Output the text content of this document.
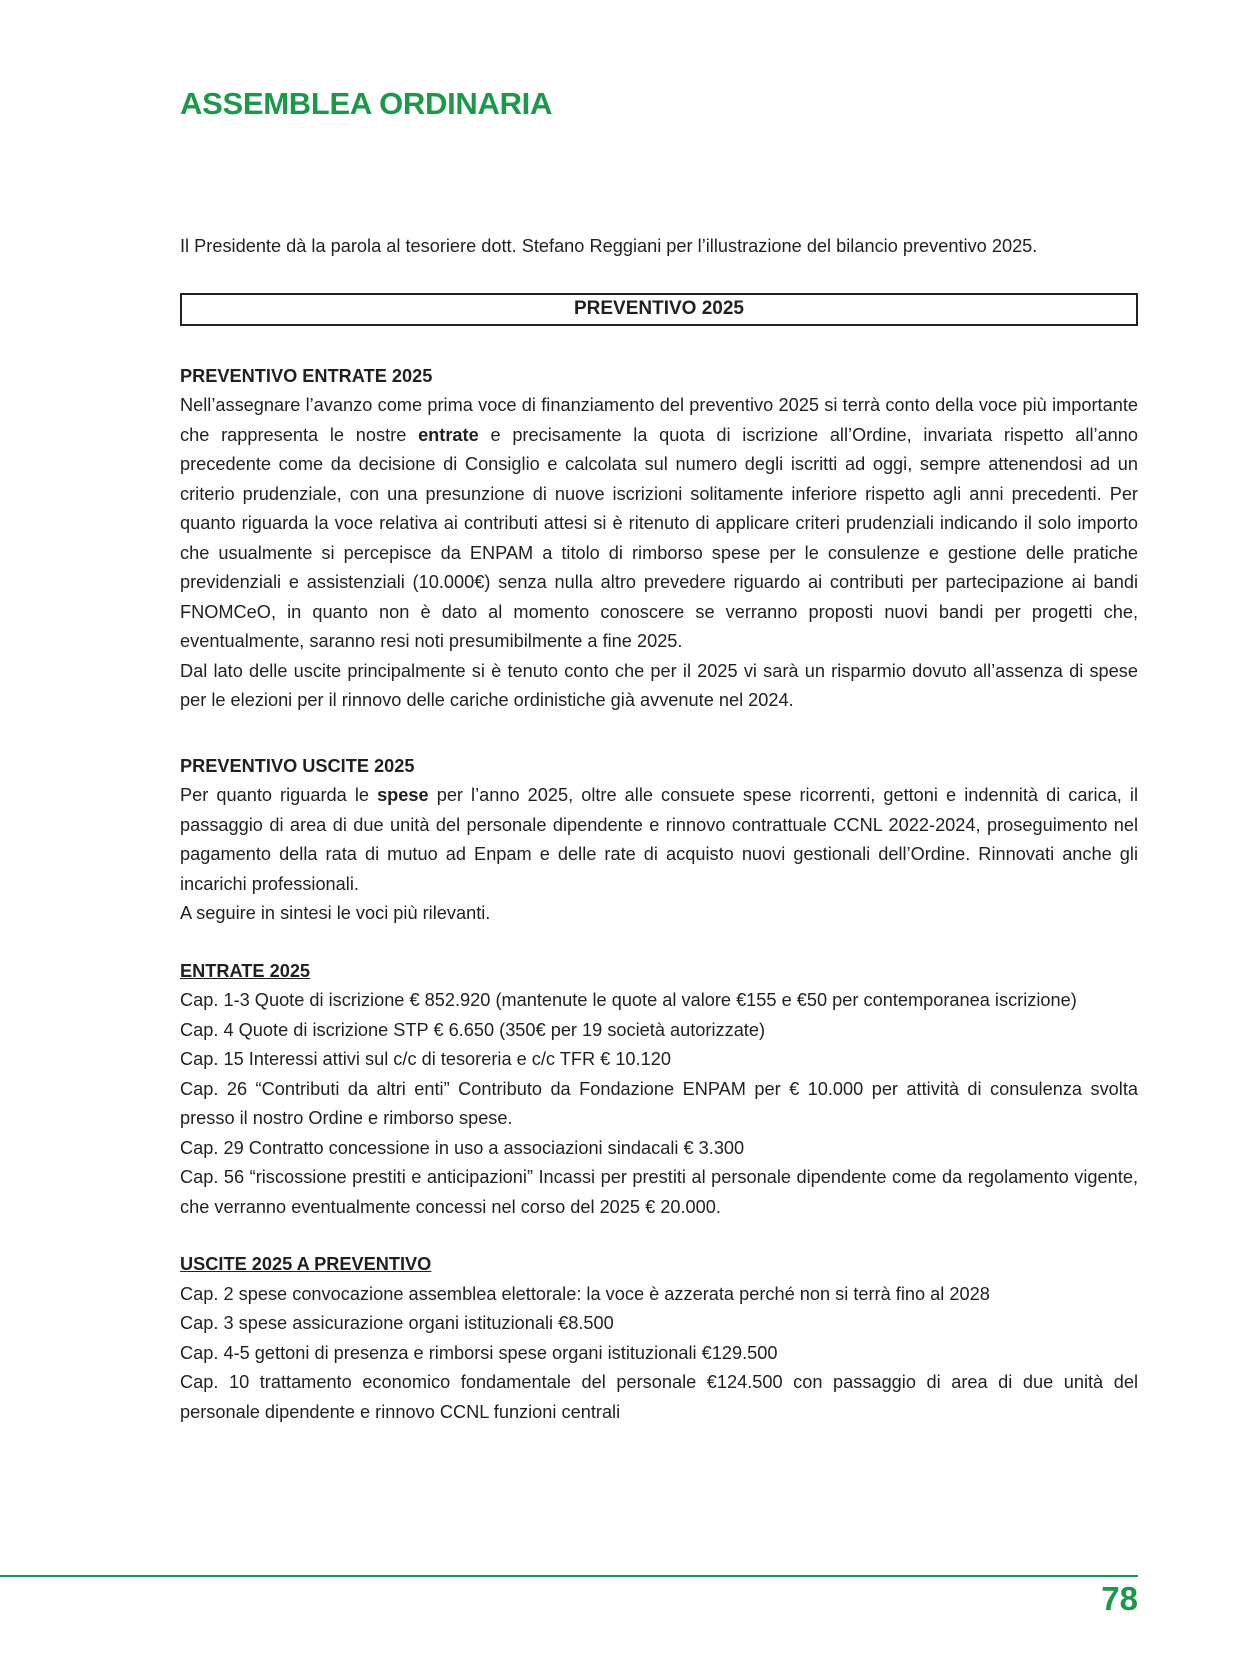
ASSEMBLEA ORDINARIA

Il Presidente dà la parola al tesoriere dott. Stefano Reggiani per l’illustrazione del bilancio preventivo 2025.

PREVENTIVO 2025
PREVENTIVO ENTRATE 2025

Nell’assegnare l’avanzo come prima voce di finanziamento del preventivo 2025 si terrà conto della voce più importante che rappresenta le nostre entrate e precisamente la quota di iscrizione all’Ordine, invariata rispetto all’anno precedente come da decisione di Consiglio e calcolata sul numero degli iscritti ad oggi, sempre attenendosi ad un criterio prudenziale, con una presunzione di nuove iscrizioni solitamente inferiore rispetto agli anni precedenti. Per quanto riguarda la voce relativa ai contributi attesi si è ritenuto di applicare criteri prudenziali indicando il solo importo che usualmente si percepisce da ENPAM a titolo di rimborso spese per le consulenze e gestione delle pratiche previdenziali e assistenziali (10.000€) senza nulla altro prevedere riguardo ai contributi per partecipazione ai bandi FNOMCeO, in quanto non è dato al momento conoscere se verranno proposti nuovi bandi per progetti che, eventualmente, saranno resi noti presumibilmente a fine 2025.

Dal lato delle uscite principalmente si è tenuto conto che per il 2025 vi sarà un risparmio dovuto all’assenza di spese per le elezioni per il rinnovo delle cariche ordinistiche già avvenute nel 2024.

PREVENTIVO USCITE 2025

Per quanto riguarda le spese per l’anno 2025, oltre alle consuete spese ricorrenti, gettoni e indennità di carica, il passaggio di area di due unità del personale dipendente e rinnovo contrattuale CCNL 2022-2024, proseguimento nel pagamento della rata di mutuo ad Enpam e delle rate di acquisto nuovi gestionali dell’Ordine. Rinnovati anche gli incarichi professionali.

A seguire in sintesi le voci più rilevanti.

ENTRATE 2025

Cap. 1-3 Quote di iscrizione € 852.920 (mantenute le quote al valore €155 e €50 per contemporanea iscrizione)

Cap. 4 Quote di iscrizione STP € 6.650 (350€ per 19 società autorizzate)

Cap. 15 Interessi attivi sul c/c di tesoreria e c/c TFR € 10.120

Cap. 26 “Contributi da altri enti” Contributo da Fondazione ENPAM per € 10.000 per attività di consulenza svolta presso il nostro Ordine e rimborso spese.

Cap. 29 Contratto concessione in uso a associazioni sindacali € 3.300

Cap. 56 “riscossione prestiti e anticipazioni” Incassi per prestiti al personale dipendente come da regolamento vigente, che verranno eventualmente concessi nel corso del 2025 € 20.000.

USCITE 2025 A PREVENTIVO

Cap. 2 spese convocazione assemblea elettorale: la voce è azzerata perché non si terrà fino al 2028

Cap. 3 spese assicurazione organi istituzionali €8.500

Cap. 4-5 gettoni di presenza e rimborsi spese organi istituzionali €129.500

Cap. 10 trattamento economico fondamentale del personale €124.500 con passaggio di area di due unità del personale dipendente e rinnovo CCNL funzioni centrali

78
